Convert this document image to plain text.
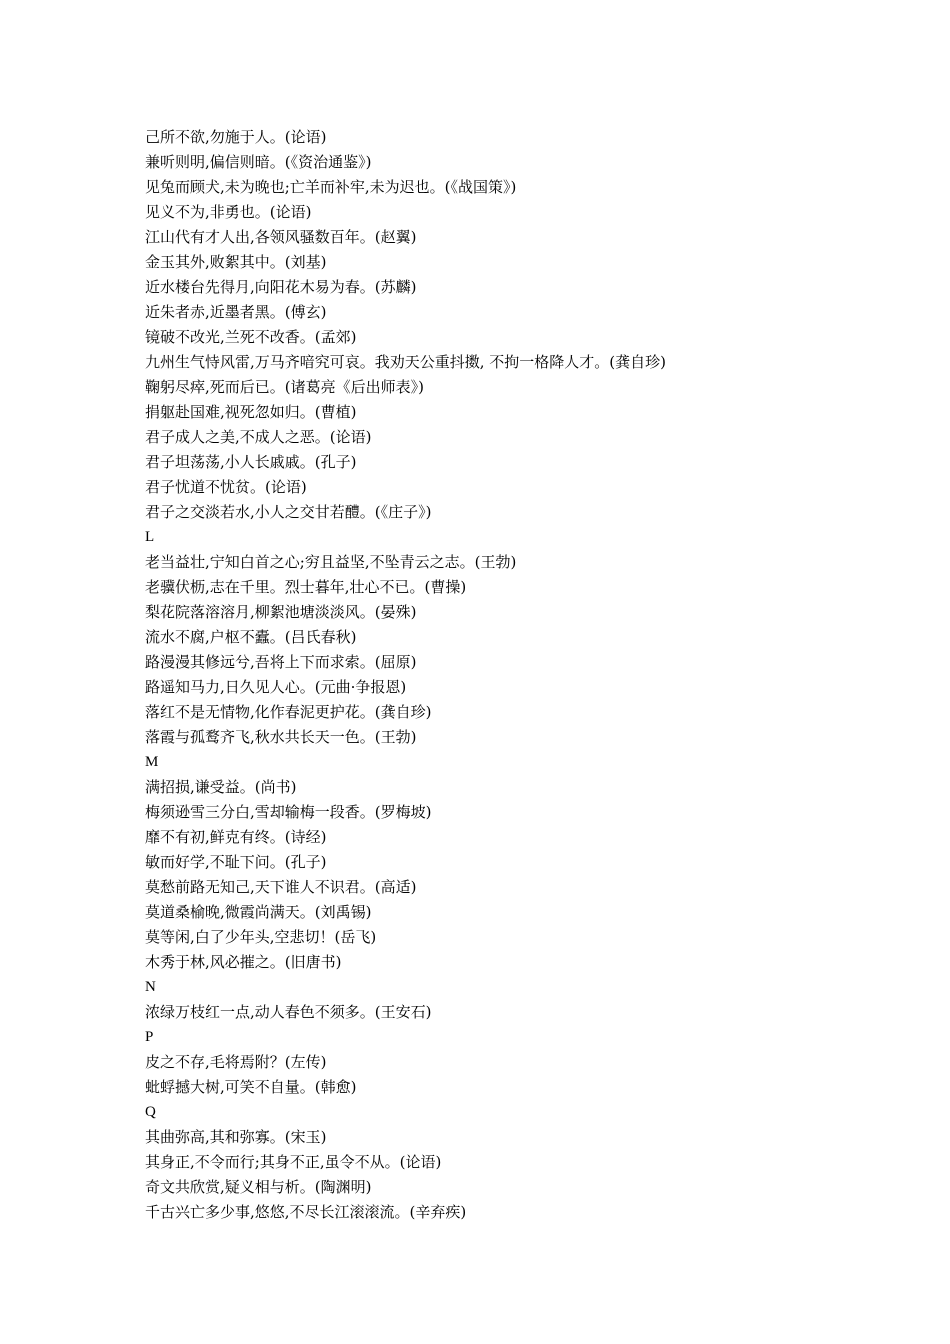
己所不欲,勿施于人。(论语)
兼听则明,偏信则暗。(《资治通鉴》)
见兔而顾犬,未为晚也;亡羊而补牢,未为迟也。(《战国策》)
见义不为,非勇也。(论语)
江山代有才人出,各领风骚数百年。(赵翼)
金玉其外,败絮其中。(刘基)
近水楼台先得月,向阳花木易为春。(苏麟)
近朱者赤,近墨者黑。(傅玄)
镜破不改光,兰死不改香。(孟郊)
九州生气恃风雷,万马齐喑究可哀。我劝天公重抖擞, 不拘一格降人才。(龚自珍)
鞠躬尽瘁,死而后已。(诸葛亮《后出师表》)
捐躯赴国难,视死忽如归。(曹植)
君子成人之美,不成人之恶。(论语)
君子坦荡荡,小人长戚戚。(孔子)
君子忧道不忧贫。(论语)
君子之交淡若水,小人之交甘若醴。(《庄子》)
L
老当益壮,宁知白首之心;穷且益坚,不坠青云之志。(王勃)
老骥伏枥,志在千里。烈士暮年,壮心不已。(曹操)
梨花院落溶溶月,柳絮池塘淡淡风。(晏殊)
流水不腐,户枢不蠹。(吕氏春秋)
路漫漫其修远兮,吾将上下而求索。(屈原)
路遥知马力,日久见人心。(元曲·争报恩)
落红不是无情物,化作春泥更护花。(龚自珍)
落霞与孤鹜齐飞,秋水共长天一色。(王勃)
M
满招损,谦受益。(尚书)
梅须逊雪三分白,雪却输梅一段香。(罗梅坡)
靡不有初,鲜克有终。(诗经)
敏而好学,不耻下问。(孔子)
莫愁前路无知己,天下谁人不识君。(高适)
莫道桑榆晚,微霞尚满天。(刘禹锡)
莫等闲,白了少年头,空悲切！(岳飞)
木秀于林,风必摧之。(旧唐书)
N
浓绿万枝红一点,动人春色不须多。(王安石)
P
皮之不存,毛将焉附？(左传)
蚍蜉撼大树,可笑不自量。(韩愈)
Q
其曲弥高,其和弥寡。(宋玉)
其身正,不令而行;其身不正,虽令不从。(论语)
奇文共欣赏,疑义相与析。(陶渊明)
千古兴亡多少事,悠悠,不尽长江滚滚流。(辛弃疾)
